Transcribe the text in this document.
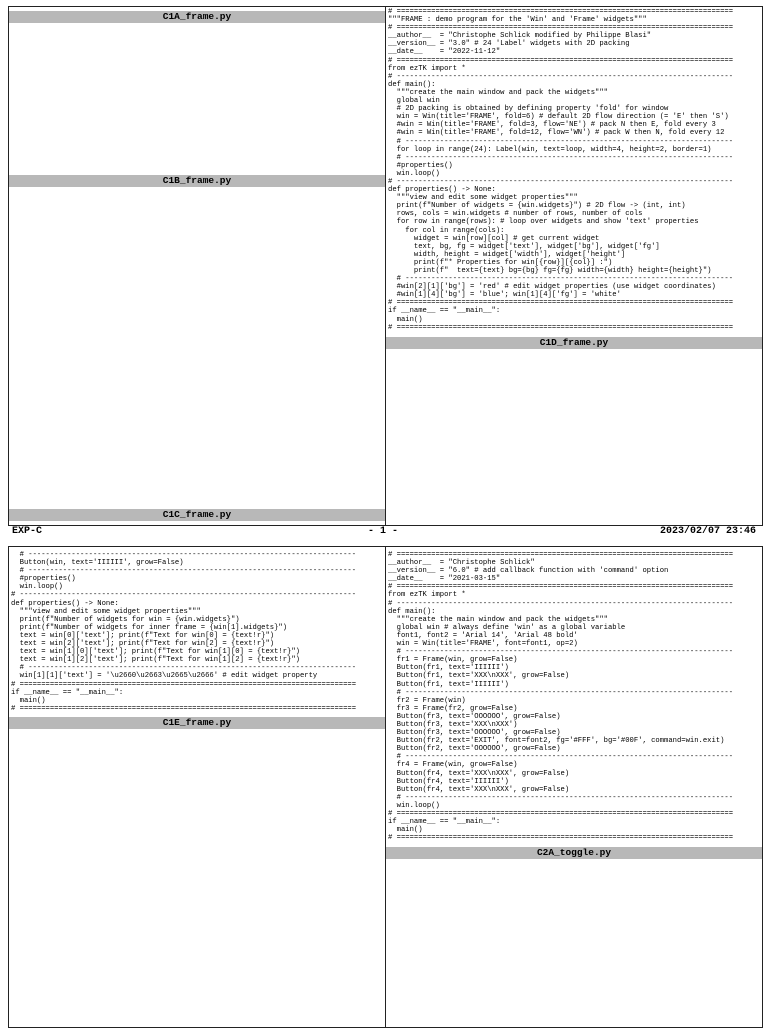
C1A_frame.py
C1B_frame.py
C1C_frame.py
# ==============================================================================
"""FRAME : demo program for the 'Win' and 'Frame' widgets"""
# ==============================================================================
__author__  = "Christophe Schlick modified by Philippe Blasi"
__version__ = "3.0" # 24 'Label' widgets with 2D packing
__date__    = "2022-11-12"
# ==============================================================================
from ezTK import *
# ------------------------------------------------------------------------------
def main():
"""create the main window and pack the widgets"""
global win
# 2D packing is obtained by defining property 'fold' for window
win = Win(title='FRAME', fold=6) # default 2D flow direction (= 'E' then 'S')
#win = Win(title='FRAME', fold=3, flow='NE') # pack N then E, fold every 3
#win = Win(title='FRAME', fold=12, flow='WN') # pack W then N, fold every 12
# ----------------------------------------------------------------------------
for loop in range(24): Label(win, text=loop, width=4, height=2, border=1)
# ----------------------------------------------------------------------------
#properties()
win.loop()
# ------------------------------------------------------------------------------
def properties() -> None:
"""view and edit some widget properties"""
print(f"Number of widgets = {win.widgets}") # 2D flow -> (int, int)
rows, cols = win.widgets # number of rows, number of cols
for row in range(rows): # loop over widgets and show 'text' properties
for col in range(cols):
widget = win[row][col] # get current widget
text, bg, fg = widget['text'], widget['bg'], widget['fg']
width, height = widget['width'], widget['height']
print(f"* Properties for win[{row}][{col}] :")
print(f"  text={text} bg={bg} fg={fg} width={width} height={height}")
# ----------------------------------------------------------------------------
#win[2][1]['bg'] = 'red' # edit widget properties (use widget coordinates)
#win[1][4]['bg'] = 'blue'; win[1][4]['fg'] = 'white'
# ==============================================================================
if __name__ == "__main__":
main()
# ==============================================================================
C1D_frame.py
EXP-C	- 1 -	2023/02/07 23:46
# ----------------------------------------------------------------------------
Button(win, text='IIIIII', grow=False)
# ----------------------------------------------------------------------------
#properties()
win.loop()
# ------------------------------------------------------------------------------
def properties() -> None:
"""view and edit some widget properties"""
print(f"Number of widgets for win = {win.widgets}")
print(f"Number of widgets for inner frame = {win[1].widgets}")
text = win[0]['text']; print(f"Text for win[0] = {text!r}")
text = win[2]['text']; print(f"Text for win[2] = {text!r}")
text = win[1][0]['text']; print(f"Text for win[1][0] = {text!r}")
text = win[1][2]['text']; print(f"Text for win[1][2] = {text!r}")
# ----------------------------------------------------------------------------
win[1][1]['text'] = '\u2660\u2663\u2665\u2666' # edit widget property
# ==============================================================================
if __name__ == "__main__":
main()
# ==============================================================================
C1E_frame.py
# ==============================================================================
__author__  = "Christophe Schlick"
__version__ = "6.0" # add callback function with 'command' option
__date__    = "2021-03-15"
# ==============================================================================
from ezTK import *
# ------------------------------------------------------------------------------
def main():
"""create the main window and pack the widgets"""
global win # always define 'win' as a global variable
font1, font2 = 'Arial 14', 'Arial 48 bold'
win = Win(title='FRAME', font=font1, op=2)
# ----------------------------------------------------------------------------
fr1 = Frame(win, grow=False)
Button(fr1, text='IIIIII')
Button(fr1, text='XXX\nXXX', grow=False)
Button(fr1, text='IIIIII')
# ----------------------------------------------------------------------------
fr2 = Frame(win)
fr3 = Frame(fr2, grow=False)
Button(fr3, text='OOOOOO', grow=False)
Button(fr3, text='XXX\nXXX')
Button(fr3, text='OOOOOO', grow=False)
Button(fr2, text='EXIT', font=font2, fg='#FFF', bg='#00F', command=win.exit)
Button(fr2, text='OOOOOO', grow=False)
# ----------------------------------------------------------------------------
fr4 = Frame(win, grow=False)
Button(fr4, text='XXX\nXXX', grow=False)
Button(fr4, text='IIIIII')
Button(fr4, text='XXX\nXXX', grow=False)
# ----------------------------------------------------------------------------
win.loop()
# ==============================================================================
if __name__ == "__main__":
main()
# ==============================================================================
C2A_toggle.py
